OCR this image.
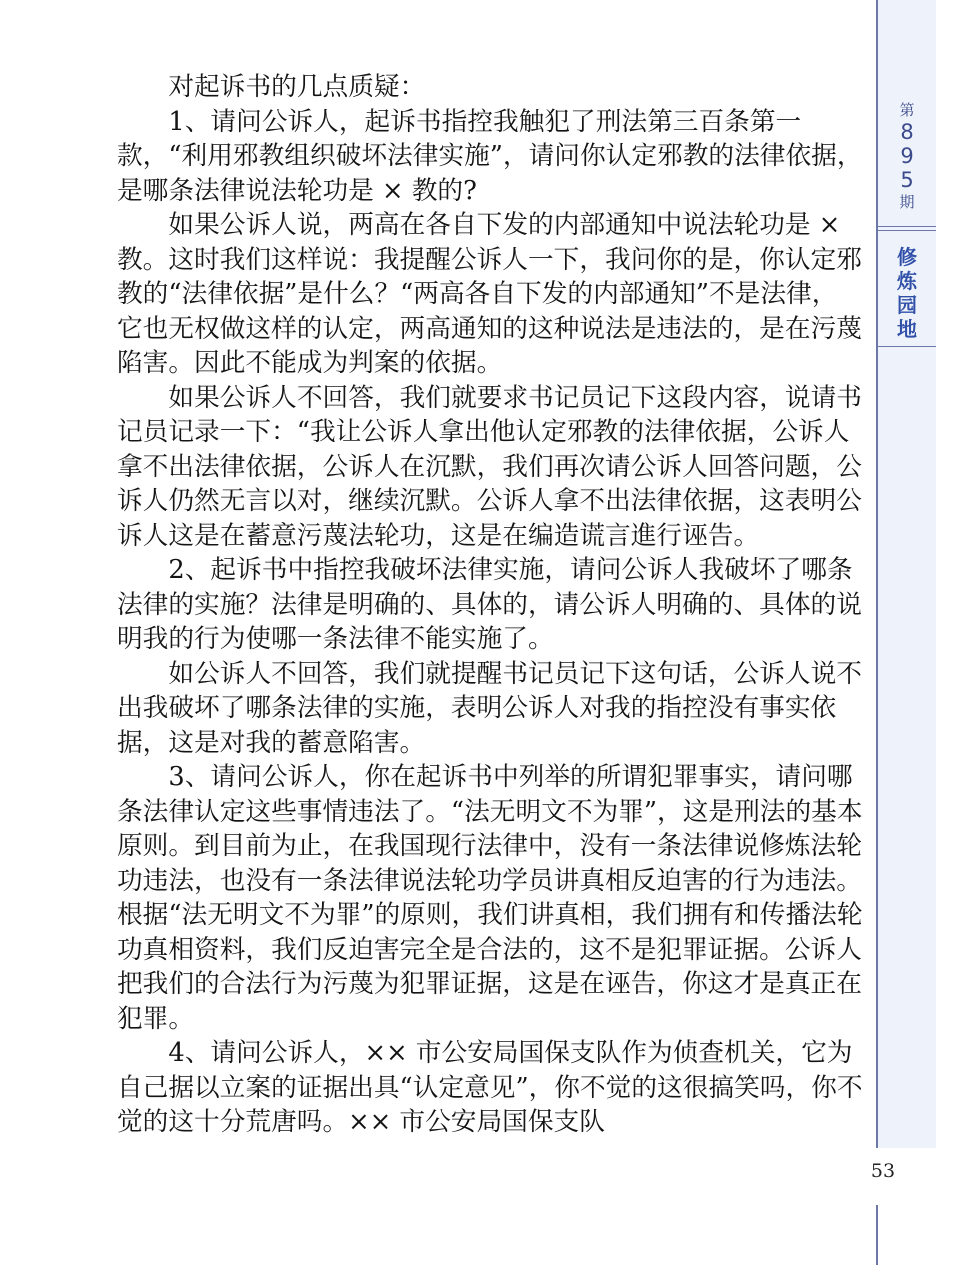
第
8
9
5
期
修
炼
园
地
53

对起诉书的几点质疑：

1、请问公诉人，起诉书指控我触犯了刑法第三百条第一款，“利用邪教组织破坏法律实施”，请问你认定邪教的法律依据，是哪条法律说法轮功是 × 教的?

如果公诉人说，两高在各自下发的内部通知中说法轮功是 × 教。这时我们这样说：我提醒公诉人一下，我问你的是，你认定邪教的“法律依据”是什么？“两高各自下发的内部通知”不是法律，它也无权做这样的认定，两高通知的这种说法是违法的，是在污蔑陷害。因此不能成为判案的依据。

如果公诉人不回答，我们就要求书记员记下这段内容，说请书记员记录一下：“我让公诉人拿出他认定邪教的法律依据，公诉人拿不出法律依据，公诉人在沉默，我们再次请公诉人回答问题，公诉人仍然无言以对，继续沉默。公诉人拿不出法律依据，这表明公诉人这是在蓄意污蔑法轮功，这是在编造谎言進行诬告。

2、起诉书中指控我破坏法律实施，请问公诉人我破坏了哪条法律的实施？法律是明确的、具体的，请公诉人明确的、具体的说明我的行为使哪一条法律不能实施了。

如公诉人不回答，我们就提醒书记员记下这句话，公诉人说不出我破坏了哪条法律的实施，表明公诉人对我的指控没有事实依据，这是对我的蓄意陷害。

3、请问公诉人，你在起诉书中列举的所谓犯罪事实，请问哪条法律认定这些事情违法了。“法无明文不为罪”，这是刑法的基本原则。到目前为止，在我国现行法律中，没有一条法律说修炼法轮功违法，也没有一条法律说法轮功学员讲真相反迫害的行为违法。根据“法无明文不为罪”的原则，我们讲真相，我们拥有和传播法轮功真相资料，我们反迫害完全是合法的，这不是犯罪证据。公诉人把我们的合法行为污蔑为犯罪证据，这是在诬告，你这才是真正在犯罪。

4、请问公诉人，×× 市公安局国保支队作为侦查机关，它为自己据以立案的证据出具“认定意见”，你不觉的这很搞笑吗，你不觉的这十分荒唐吗。×× 市公安局国保支队
